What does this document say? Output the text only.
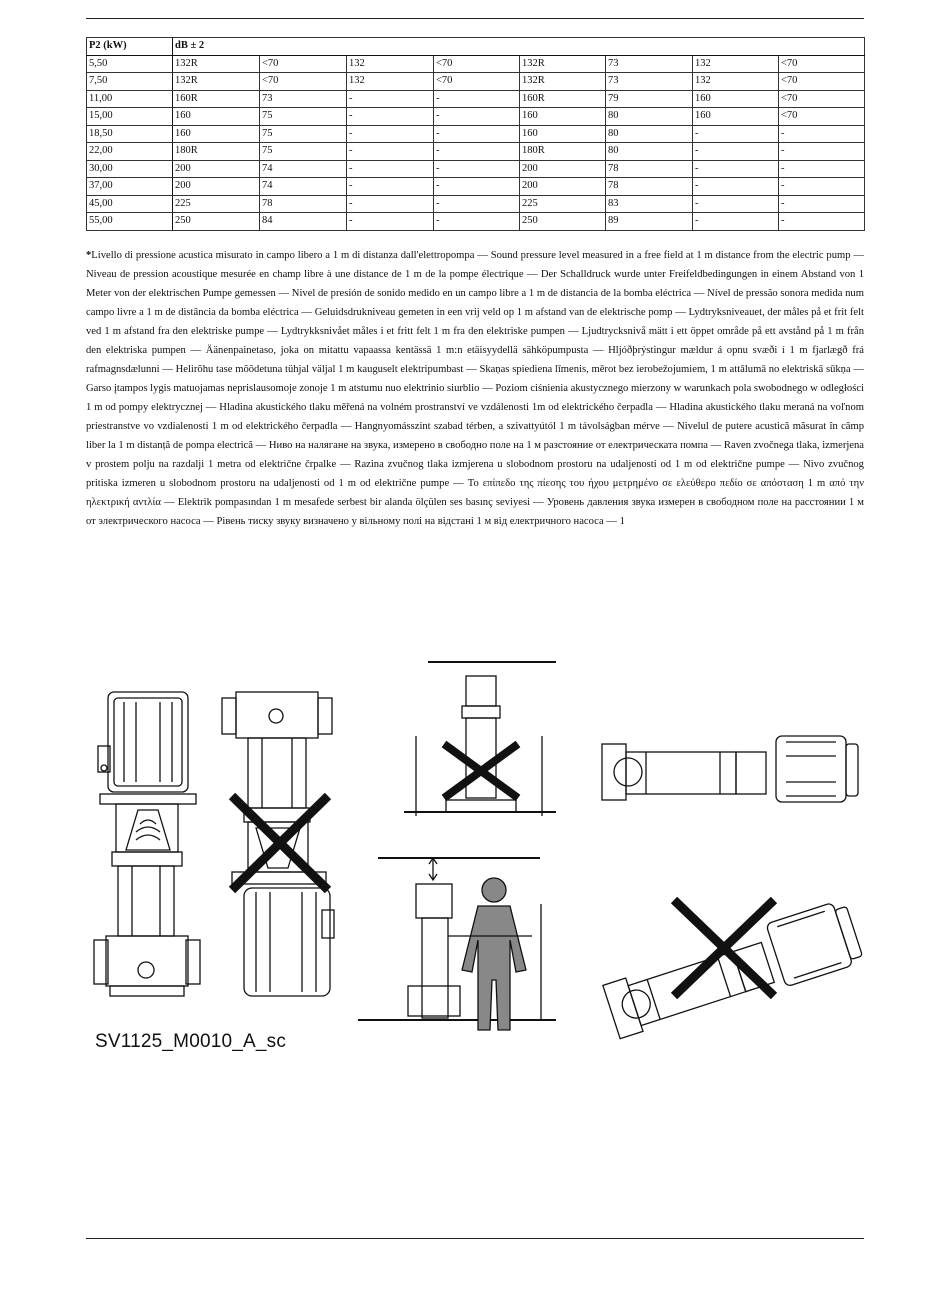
P2 (kW)	dB ± 2							
5,50	132R	<70	132	<70	132R	73	132	<70
7,50	132R	<70	132	<70	132R	73	132	<70
11,00	160R	73	-	-	160R	79	160	<70
15,00	160	75	-	-	160	80	160	<70
18,50	160	75	-	-	160	80	-	-
22,00	180R	75	-	-	180R	80	-	-
30,00	200	74	-	-	200	78	-	-
37,00	200	74	-	-	200	78	-	-
45,00	225	78	-	-	225	83	-	-
55,00	250	84	-	-	250	89	-	-
*Livello di pressione acustica misurato in campo libero a 1 m di distanza dall'elettropompa — Sound pressure level measured in a free field at 1 m distance from the electric pump — Niveau de pression acoustique mesurée en champ libre à une distance de 1 m de la pompe électrique — Der Schalldruck wurde unter Freifeldbedingungen in einem Abstand von 1 Meter von der elektrischen Pumpe gemessen — Nivel de presión de sonido medido en un campo libre a 1 m de distancia de la bomba eléctrica — Nível de pressão sonora medida num campo livre a 1 m de distância da bomba eléctrica — Geluidsdrukniveau gemeten in een vrij veld op 1 m afstand van de elektrische pomp — Lydtryksniveauet, der måles på et frit felt ved 1 m afstand fra den elektriske pumpe — Lydtrykksnivået måles i et fritt felt 1 m fra den elektriske pumpen — Ljudtrycksnivå mätt i ett öppet område på ett avstånd på 1 m från den elektriska pumpen — Äänenpainetaso, joka on mitattu vapaassa kentässä 1 m:n etäisyydellä sähköpumpusta — Hljóðþrýstingur mældur á opnu svæði í 1 m fjarlægð frá rafmagnsdælunni — Helirõhu tase mõõdetuna tühjal väljal 1 m kauguselt elektripumbast — Skaņas spiediena līmenis, mērot bez ierobežojumiem, 1 m attālumā no elektriskā sūkņa — Garso įtampos lygis matuojamas neprislausomoje zonoje 1 m atstumu nuo elektrinio siurblio — Poziom ciśnienia akustycznego mierzony w warunkach pola swobodnego w odległości 1 m od pompy elektrycznej — Hladina akustického tlaku měřená na volném prostranství ve vzdálenosti 1m od elektrického čerpadla — Hladina akustického tlaku meraná na voľnom priestranstve vo vzdialenosti 1 m od elektrického čerpadla — Hangnyomásszint szabad térben, a szivattyútól 1 m távolságban mérve — Nivelul de putere acustică măsurat în câmp liber la 1 m distanță de pompa electrică — Ниво на налягане на звука, измерено в свободно поле на 1 м разстояние от електрическата помпа — Raven zvočnega tlaka, izmerjena v prostem polju na razdalji 1 metra od električne črpalke — Razina zvučnog tlaka izmjerena u slobodnom prostoru na udaljenosti od 1 m od električne pumpe — Nivo zvučnog pritiska izmeren u slobodnom prostoru na udaljenosti od 1 m od električne pumpe — Το επίπεδο της πίεσης του ήχου μετρημένο σε ελεύθερο πεδίο σε απόσταση 1 m από την ηλεκτρική αντλία — Elektrik pompasından 1 m mesafede serbest bir alanda ölçülen ses basınç seviyesi — Уровень давления звука измерен в свободном поле на расстоянии 1 м от электрического насоса — Рівень тиску звуку визначено у вільному полі на відстані 1 м від електричного насоса — 1
SV1125_M0010_A_sc
